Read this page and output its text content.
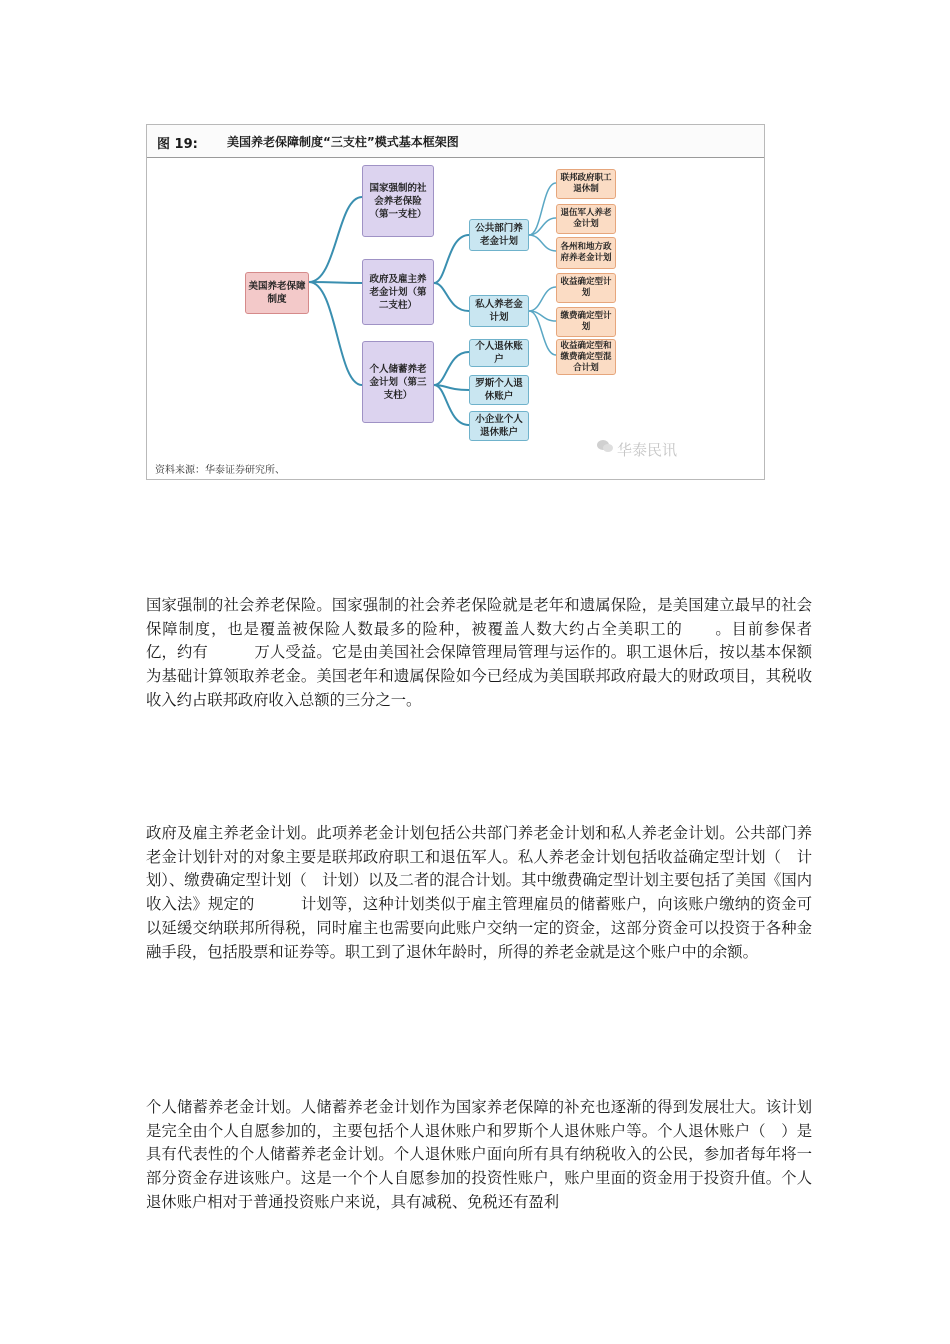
图 19: 美国养老保障制度“三支柱”模式基本框架图
美国养老保障制度
国家强制的社会养老保险（第一支柱）
政府及雇主养老金计划（第二支柱）
个人储蓄养老金计划（第三支柱）
公共部门养老金计划
私人养老金计划
个人退休账户
罗斯个人退休账户
小企业个人退休账户
联邦政府职工退休制
退伍军人养老金计划
各州和地方政府养老金计划
收益确定型计划
缴费确定型计划
收益确定型和缴费确定型混合计划
华泰民讯
资料来源：华泰证券研究所、

国家强制的社会养老保险。国家强制的社会养老保险就是老年和遗属保险，是美国建立最早的社会保障制度，也是覆盖被保险人数最多的险种，被覆盖人数大约占全美职工的　　。目前参保者　　亿，约有　　　万人受益。它是由美国社会保障管理局管理与运作的。职工退休后，按以基本保额为基础计算领取养老金。美国老年和遗属保险如今已经成为美国联邦政府最大的财政项目，其税收收入约占联邦政府收入总额的三分之一。

政府及雇主养老金计划。此项养老金计划包括公共部门养老金计划和私人养老金计划。公共部门养老金计划针对的对象主要是联邦政府职工和退伍军人。私人养老金计划包括收益确定型计划（　计划）、缴费确定型计划（　计划）以及二者的混合计划。其中缴费确定型计划主要包括了美国《国内收入法》规定的　　　计划等，这种计划类似于雇主管理雇员的储蓄账户，向该账户缴纳的资金可以延缓交纳联邦所得税，同时雇主也需要向此账户交纳一定的资金，这部分资金可以投资于各种金融手段，包括股票和证券等。职工到了退休年龄时，所得的养老金就是这个账户中的余额。

个人储蓄养老金计划。人储蓄养老金计划作为国家养老保障的补充也逐渐的得到发展壮大。该计划是完全由个人自愿参加的，主要包括个人退休账户和罗斯个人退休账户等。个人退休账户（　）是具有代表性的个人储蓄养老金计划。个人退休账户面向所有具有纳税收入的公民，参加者每年将一部分资金存进该账户。这是一个个人自愿参加的投资性账户，账户里面的资金用于投资升值。个人退休账户相对于普通投资账户来说，具有减税、免税还有盈利
